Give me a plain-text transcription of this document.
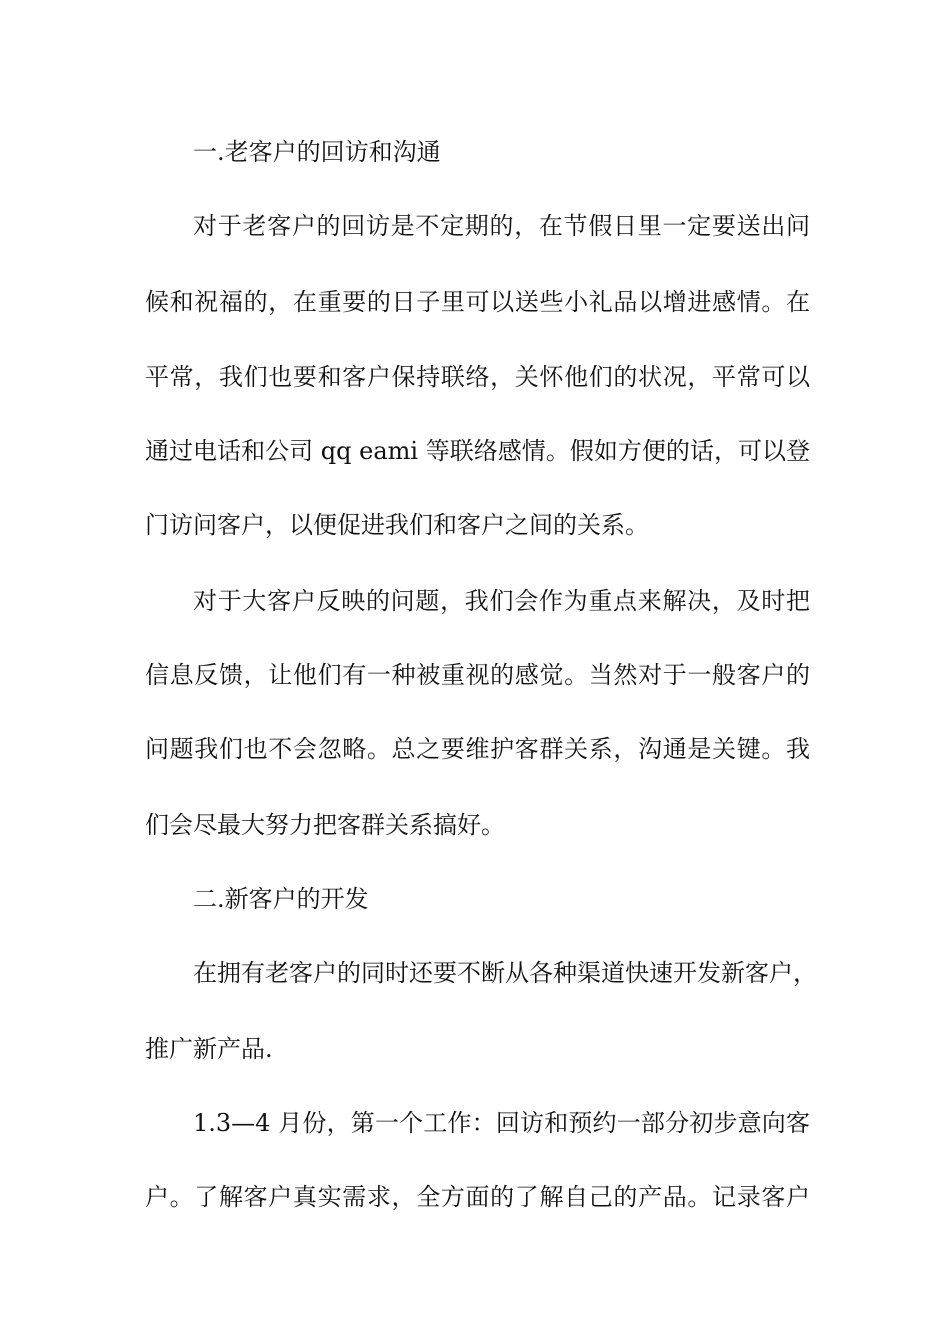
一.老客户的回访和沟通

对于老客户的回访是不定期的，在节假日里一定要送出问

候和祝福的，在重要的日子里可以送些小礼品以增进感情。在

平常，我们也要和客户保持联络，关怀他们的状况，平常可以

通过电话和公司 qq eami 等联络感情。假如方便的话，可以登

门访问客户，以便促进我们和客户之间的关系。

对于大客户反映的问题，我们会作为重点来解决，及时把

信息反馈，让他们有一种被重视的感觉。当然对于一般客户的

问题我们也不会忽略。总之要维护客群关系，沟通是关键。我

们会尽最大努力把客群关系搞好。

二.新客户的开发

在拥有老客户的同时还要不断从各种渠道快速开发新客户，

推广新产品.

1.3—4 月份，第一个工作：回访和预约一部分初步意向客

户。了解客户真实需求，全方面的了解自己的产品。记录客户
